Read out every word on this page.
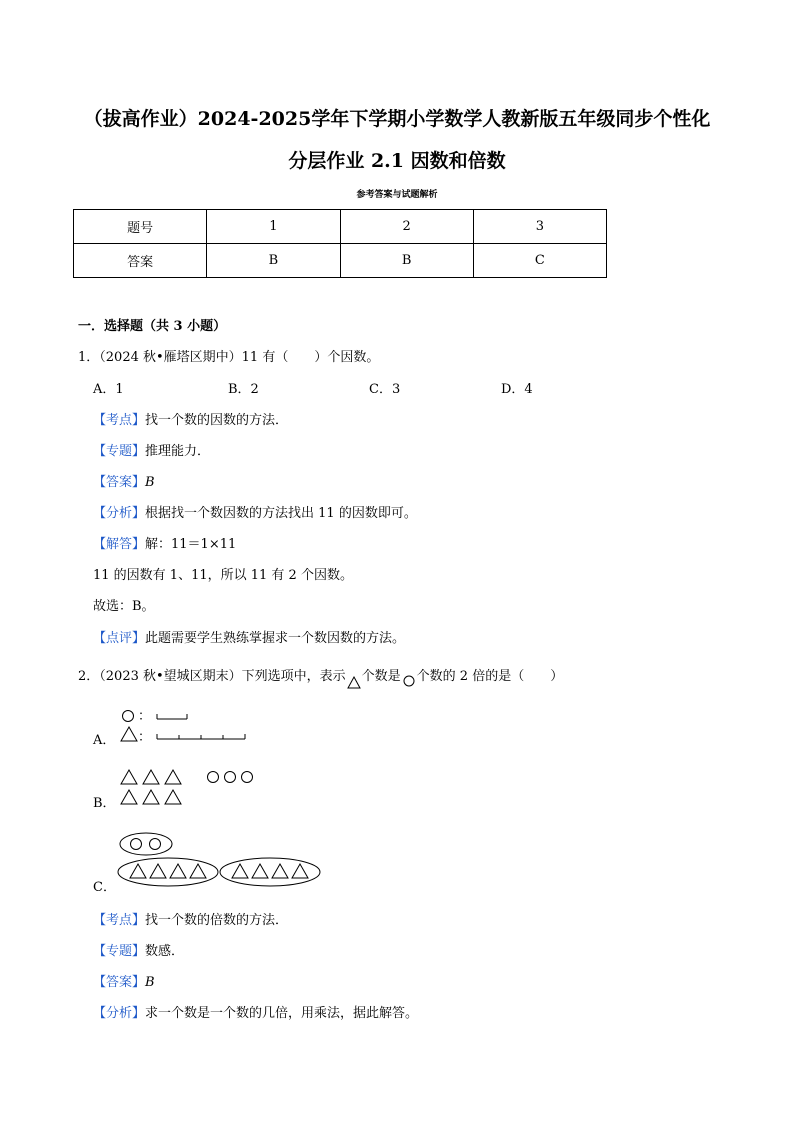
（拔高作业）2024-2025学年下学期小学数学人教新版五年级同步个性化
分层作业 2.1 因数和倍数
参考答案与试题解析
题号	1	2	3
答案	B	B	C
一．选择题（共 3 小题）
1．（2024 秋•雁塔区期中）11 有（　　）个因数。
A．1	B．2	C．3	D．4
【考点】找一个数的因数的方法．
【专题】推理能力．
【答案】B
【分析】根据找一个数因数的方法找出 11 的因数即可。
【解答】解：11＝1×11
11 的因数有 1、11，所以 11 有 2 个因数。
故选：B。
【点评】此题需要学生熟练掌握求一个数因数的方法。
2．（2023 秋•望城区期末）下列选项中，表示 个数是 个数的 2 倍的是（　　）
：
：
A．
B．
C．
【考点】找一个数的倍数的方法．
【专题】数感．
【答案】B
【分析】求一个数是一个数的几倍，用乘法，据此解答。
